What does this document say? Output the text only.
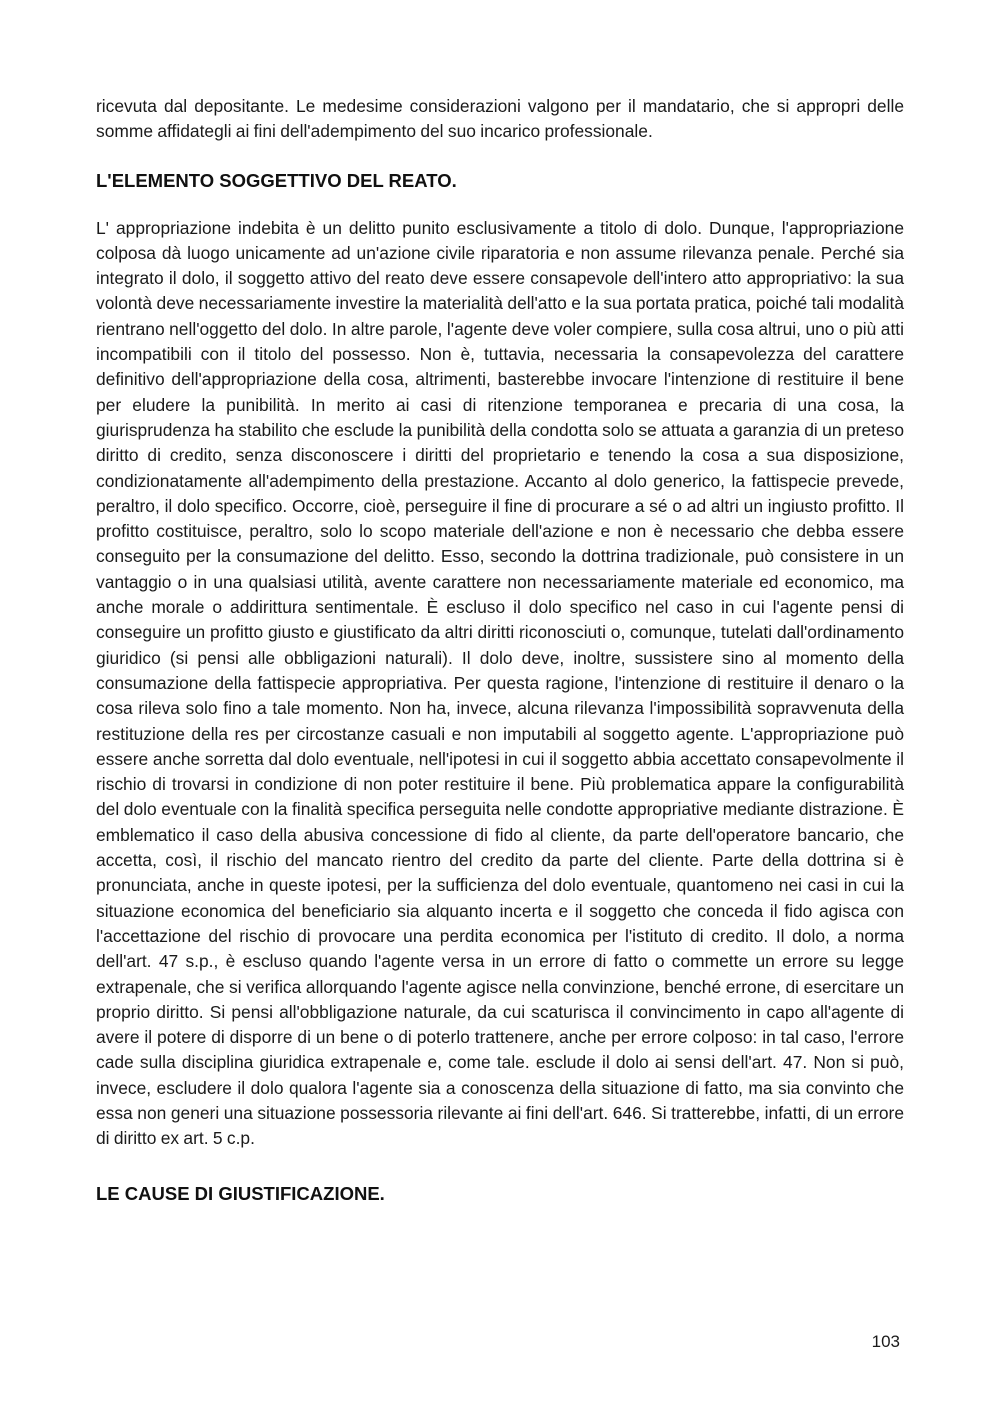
ricevuta dal depositante. Le medesime considerazioni valgono per il mandatario, che si appropri delle somme affidategli ai fini dell'adempimento del suo incarico professionale.

L'ELEMENTO SOGGETTIVO DEL REATO.

L' appropriazione indebita è un delitto punito esclusivamente a titolo di dolo. Dunque, l'appropriazione colposa dà luogo unicamente ad un'azione civile riparatoria e non assume rilevanza penale. Perché sia integrato il dolo, il soggetto attivo del reato deve essere consapevole dell'intero atto appropriativo: la sua volontà deve necessariamente investire la materialità dell'atto e la sua portata pratica, poiché tali modalità rientrano nell'oggetto del dolo. In altre parole, l'agente deve voler compiere, sulla cosa altrui, uno o più atti incompatibili con il titolo del possesso. Non è, tuttavia, necessaria la consapevolezza del carattere definitivo dell'appropriazione della cosa, altrimenti, basterebbe invocare l'intenzione di restituire il bene per eludere la punibilità. In merito ai casi di ritenzione temporanea e precaria di una cosa, la giurisprudenza ha stabilito che esclude la punibilità della condotta solo se attuata a garanzia di un preteso diritto di credito, senza disconoscere i diritti del proprietario e tenendo la cosa a sua disposizione, condizionatamente all'adempimento della prestazione. Accanto al dolo generico, la fattispecie prevede, peraltro, il dolo specifico. Occorre, cioè, perseguire il fine di procurare a sé o ad altri un ingiusto profitto. Il profitto costituisce, peraltro, solo lo scopo materiale dell'azione e non è necessario che debba essere conseguito per la consumazione del delitto. Esso, secondo la dottrina tradizionale, può consistere in un vantaggio o in una qualsiasi utilità, avente carattere non necessariamente materiale ed economico, ma anche morale o addirittura sentimentale. È escluso il dolo specifico nel caso in cui l'agente pensi di conseguire un profitto giusto e giustificato da altri diritti riconosciuti o, comunque, tutelati dall'ordinamento giuridico (si pensi alle obbligazioni naturali). Il dolo deve, inoltre, sussistere sino al momento della consumazione della fattispecie appropriativa. Per questa ragione, l'intenzione di restituire il denaro o la cosa rileva solo fino a tale momento. Non ha, invece, alcuna rilevanza l'impossibilità sopravvenuta della restituzione della res per circostanze casuali e non imputabili al soggetto agente. L'appropriazione può essere anche sorretta dal dolo eventuale, nell'ipotesi in cui il soggetto abbia accettato consapevolmente il rischio di trovarsi in condizione di non poter restituire il bene. Più problematica appare la configurabilità del dolo eventuale con la finalità specifica perseguita nelle condotte appropriative mediante distrazione. È emblematico il caso della abusiva concessione di fido al cliente, da parte dell'operatore bancario, che accetta, così, il rischio del mancato rientro del credito da parte del cliente. Parte della dottrina si è pronunciata, anche in queste ipotesi, per la sufficienza del dolo eventuale, quantomeno nei casi in cui la situazione economica del beneficiario sia alquanto incerta e il soggetto che conceda il fido agisca con l'accettazione del rischio di provocare una perdita economica per l'istituto di credito. Il dolo, a norma dell'art. 47 s.p., è escluso quando l'agente versa in un errore di fatto o commette un errore su legge extrapenale, che si verifica allorquando l'agente agisce nella convinzione, benché errone, di esercitare un proprio diritto. Si pensi all'obbligazione naturale, da cui scaturisca il convincimento in capo all'agente di avere il potere di disporre di un bene o di poterlo trattenere, anche per errore colposo: in tal caso, l'errore cade sulla disciplina giuridica extrapenale e, come tale. esclude il dolo ai sensi dell'art. 47. Non si può, invece, escludere il dolo qualora l'agente sia a conoscenza della situazione di fatto, ma sia convinto che essa non generi una situazione possessoria rilevante ai fini dell'art. 646. Si tratterebbe, infatti, di un errore di diritto ex art. 5 c.p.

LE CAUSE DI GIUSTIFICAZIONE.
103
